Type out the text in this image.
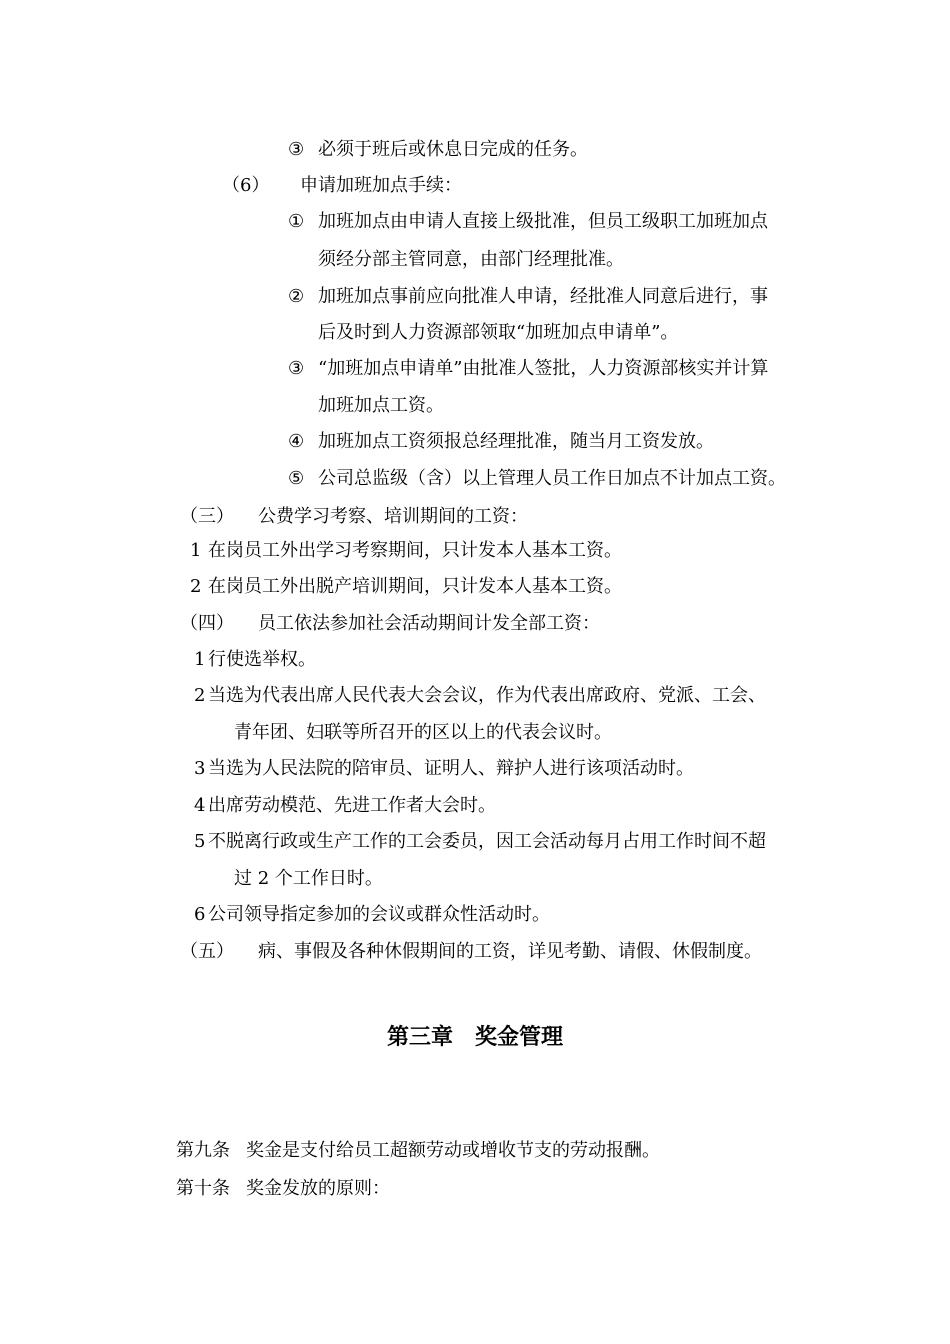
③ 必须于班后或休息日完成的任务。
（6） 申请加班加点手续：
① 加班加点由申请人直接上级批准，但员工级职工加班加点
须经分部主管同意，由部门经理批准。
② 加班加点事前应向批准人申请，经批准人同意后进行，事
后及时到人力资源部领取“加班加点申请单”。
③ “加班加点申请单”由批准人签批，人力资源部核实并计算
加班加点工资。
④ 加班加点工资须报总经理批准，随当月工资发放。
⑤ 公司总监级（含）以上管理人员工作日加点不计加点工资。
（三） 公费学习考察、培训期间的工资：
1 在岗员工外出学习考察期间，只计发本人基本工资。
2 在岗员工外出脱产培训期间，只计发本人基本工资。
（四） 员工依法参加社会活动期间计发全部工资：
1 行使选举权。
2 当选为代表出席人民代表大会会议，作为代表出席政府、党派、工会、
青年团、妇联等所召开的区以上的代表会议时。
3 当选为人民法院的陪审员、证明人、辩护人进行该项活动时。
4 出席劳动模范、先进工作者大会时。
5 不脱离行政或生产工作的工会委员，因工会活动每月占用工作时间不超
过 2 个工作日时。
6 公司领导指定参加的会议或群众性活动时。
（五） 病、事假及各种休假期间的工资，详见考勤、请假、休假制度。
第三章　奖金管理
第九条 奖金是支付给员工超额劳动或增收节支的劳动报酬。
第十条 奖金发放的原则：
